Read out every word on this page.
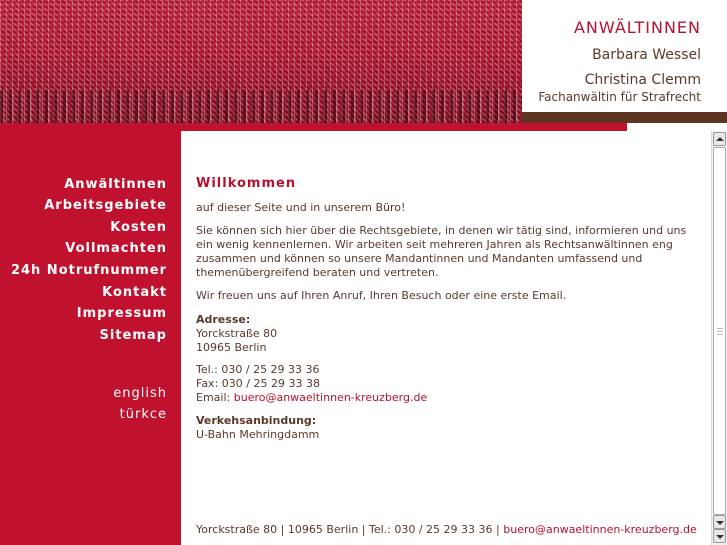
ANWÄLTINNEN
Barbara Wessel
Christina Clemm
Fachanwältin für Strafrecht
Anwältinnen
Arbeitsgebiete
Kosten
Vollmachten
24h Notrufnummer
Kontakt
Impressum
Sitemap
english
türkce
Willkommen

auf dieser Seite und in unserem Büro!

Sie können sich hier über die Rechtsgebiete, in denen wir tätig sind, informieren und uns ein wenig kennenlernen. Wir arbeiten seit mehreren Jahren als Rechtsanwältinnen eng zusammen und können so unsere Mandantinnen und Mandanten umfassend und themenübergreifend beraten und vertreten.

Wir freuen uns auf Ihren Anruf, Ihren Besuch oder eine erste Email.

Adresse:
Yorckstraße 80
10965 Berlin
Tel.: 030 / 25 29 33 36
Fax: 030 / 25 29 33 38
Email: buero@anwaeltinnen-kreuzberg.de
Verkehsanbindung:
U-Bahn Mehringdamm
Yorckstraße 80 | 10965 Berlin | Tel.: 030 / 25 29 33 36 | buero@anwaeltinnen-kreuzberg.de
